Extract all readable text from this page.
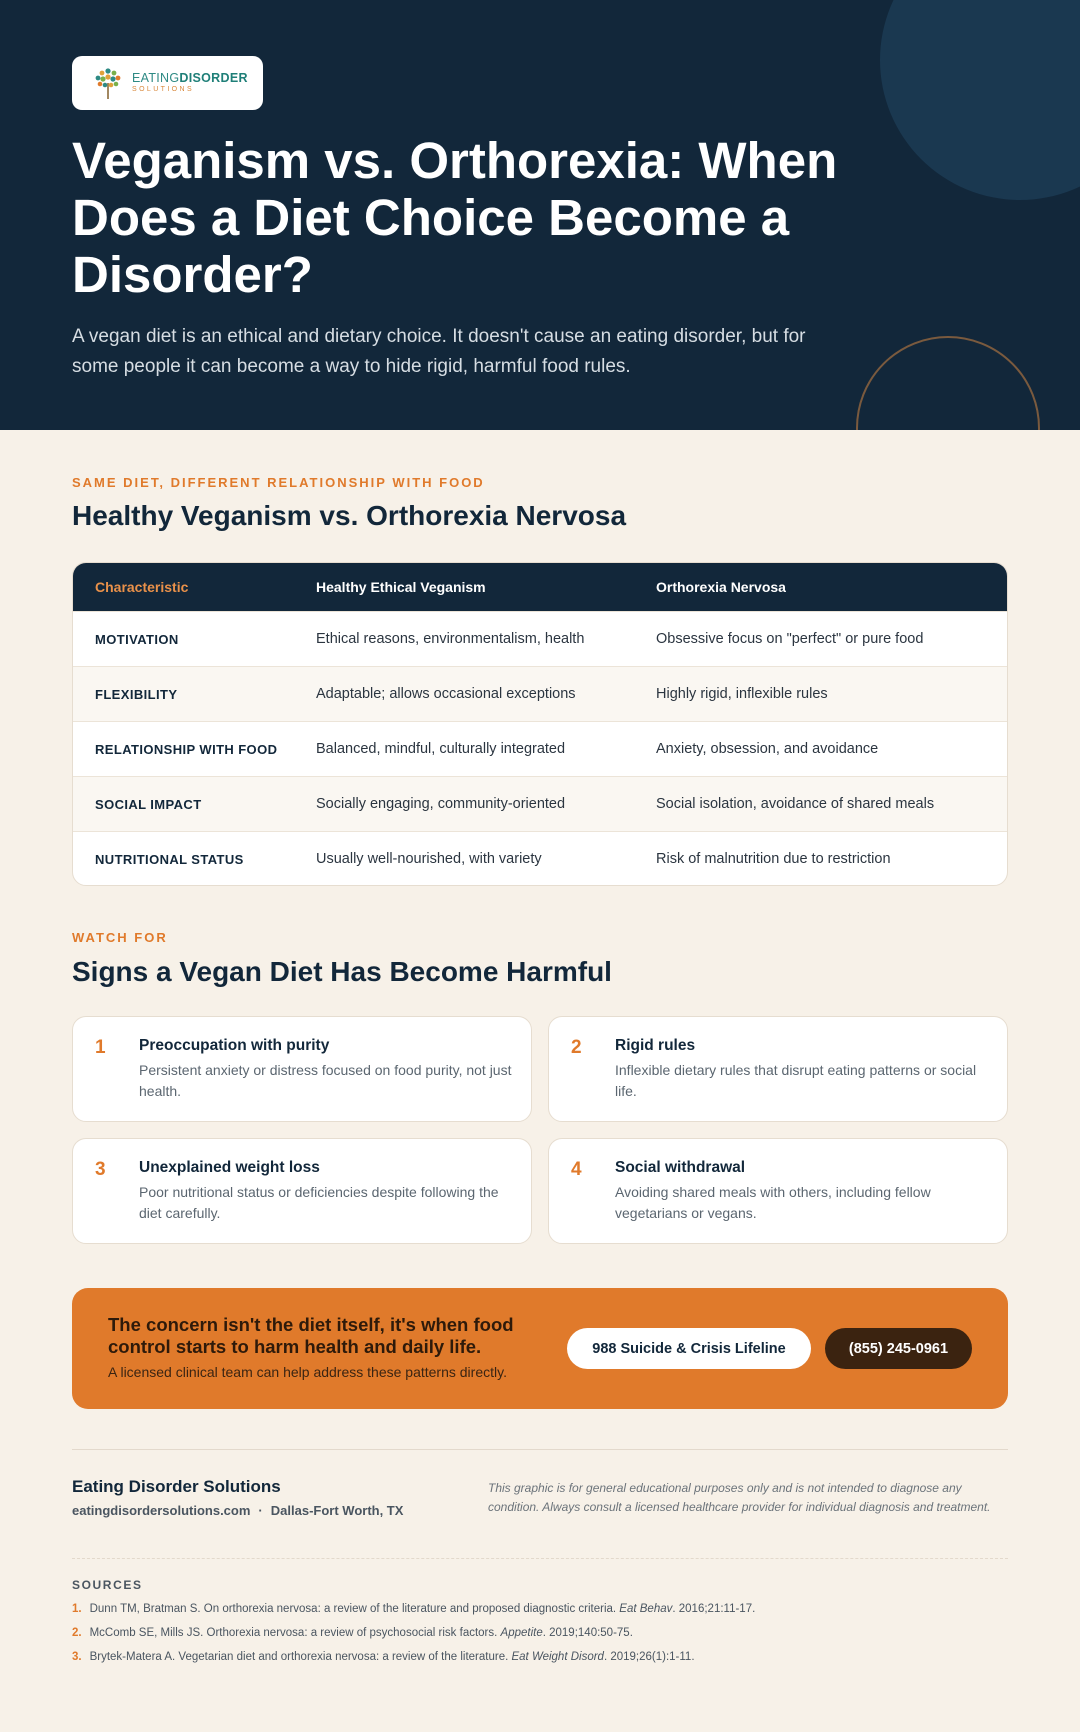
EATINGDISORDER
SOLUTIONS
Veganism vs. Orthorexia: When Does a Diet Choice Become a Disorder?

A vegan diet is an ethical and dietary choice. It doesn't cause an eating disorder, but for some people it can become a way to hide rigid, harmful food rules.

SAME DIET, DIFFERENT RELATIONSHIP WITH FOOD
Healthy Veganism vs. Orthorexia Nervosa
Characteristic	Healthy Ethical Veganism	Orthorexia Nervosa
MOTIVATION	Ethical reasons, environmentalism, health	Obsessive focus on "perfect" or pure food
FLEXIBILITY	Adaptable; allows occasional exceptions	Highly rigid, inflexible rules
RELATIONSHIP WITH FOOD	Balanced, mindful, culturally integrated	Anxiety, obsession, and avoidance
SOCIAL IMPACT	Socially engaging, community-oriented	Social isolation, avoidance of shared meals
NUTRITIONAL STATUS	Usually well-nourished, with variety	Risk of malnutrition due to restriction
WATCH FOR
Signs a Vegan Diet Has Become Harmful
1 Preoccupation with purity
Persistent anxiety or distress focused on food purity, not just health.
2 Rigid rules
Inflexible dietary rules that disrupt eating patterns or social life.
3 Unexplained weight loss
Poor nutritional status or deficiencies despite following the diet carefully.
4 Social withdrawal
Avoiding shared meals with others, including fellow vegetarians or vegans.
The concern isn't the diet itself, it's when food control starts to harm health and daily life.
A licensed clinical team can help address these patterns directly.
988 Suicide & Crisis Lifeline	(855) 245-0961
Eating Disorder Solutions
eatingdisordersolutions.com · Dallas-Fort Worth, TX
This graphic is for general educational purposes only and is not intended to diagnose any condition. Always consult a licensed healthcare provider for individual diagnosis and treatment.
SOURCES
1. Dunn TM, Bratman S. On orthorexia nervosa: a review of the literature and proposed diagnostic criteria. Eat Behav. 2016;21:11-17.
2. McComb SE, Mills JS. Orthorexia nervosa: a review of psychosocial risk factors. Appetite. 2019;140:50-75.
3. Brytek-Matera A. Vegetarian diet and orthorexia nervosa: a review of the literature. Eat Weight Disord. 2019;26(1):1-11.
